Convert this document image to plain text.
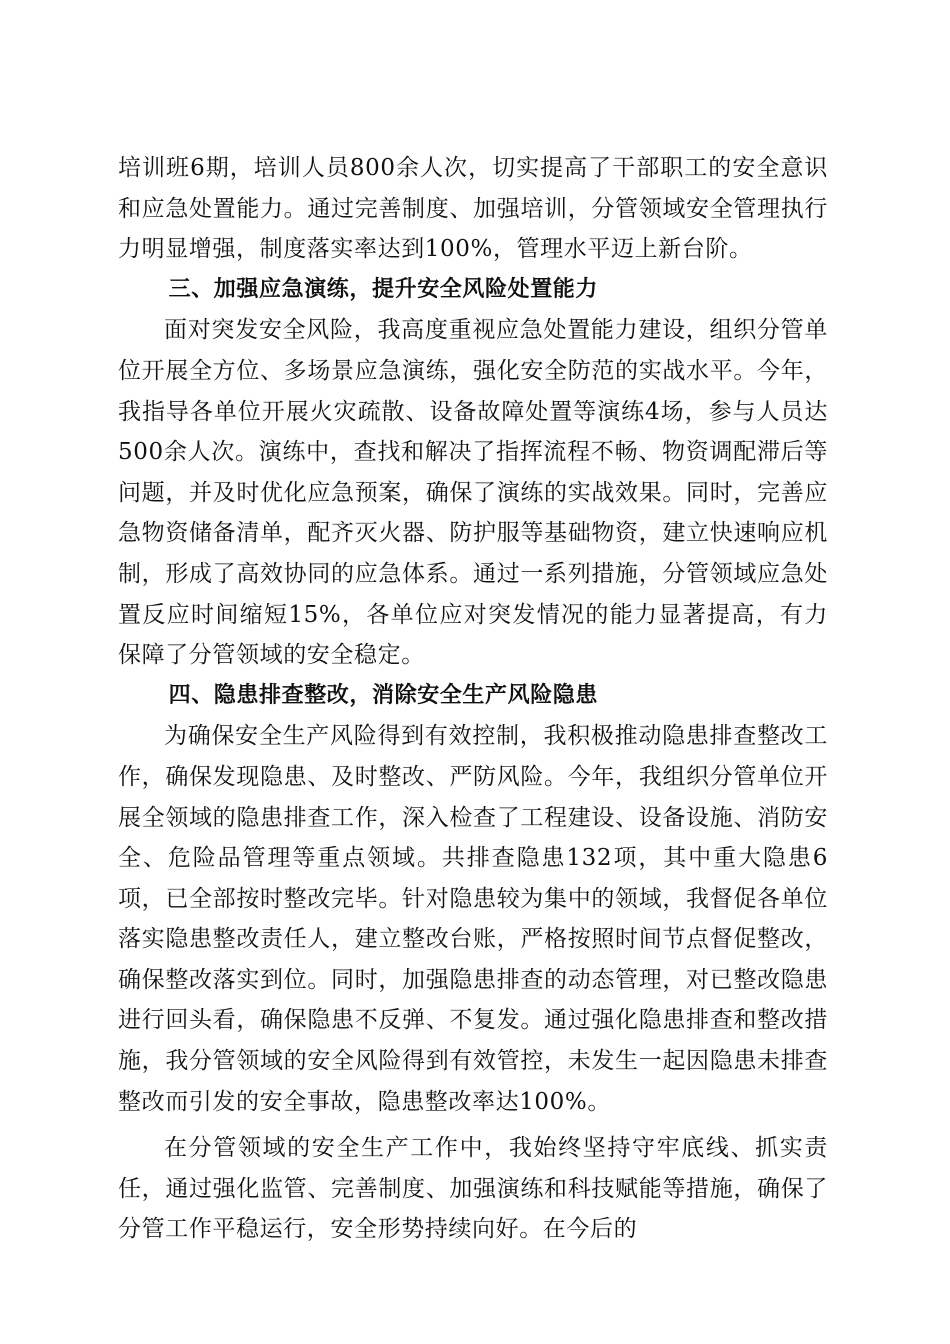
培训班6期，培训人员800余人次，切实提高了干部职工的安全意识和应急处置能力。通过完善制度、加强培训，分管领域安全管理执行力明显增强，制度落实率达到100%，管理水平迈上新台阶。

三、加强应急演练，提升安全风险处置能力

面对突发安全风险，我高度重视应急处置能力建设，组织分管单位开展全方位、多场景应急演练，强化安全防范的实战水平。今年，我指导各单位开展火灾疏散、设备故障处置等演练4场，参与人员达500余人次。演练中，查找和解决了指挥流程不畅、物资调配滞后等问题，并及时优化应急预案，确保了演练的实战效果。同时，完善应急物资储备清单，配齐灭火器、防护服等基础物资，建立快速响应机制，形成了高效协同的应急体系。通过一系列措施，分管领域应急处置反应时间缩短15%，各单位应对突发情况的能力显著提高，有力保障了分管领域的安全稳定。

四、隐患排查整改，消除安全生产风险隐患

为确保安全生产风险得到有效控制，我积极推动隐患排查整改工作，确保发现隐患、及时整改、严防风险。今年，我组织分管单位开展全领域的隐患排查工作，深入检查了工程建设、设备设施、消防安全、危险品管理等重点领域。共排查隐患132项，其中重大隐患6项，已全部按时整改完毕。针对隐患较为集中的领域，我督促各单位落实隐患整改责任人，建立整改台账，严格按照时间节点督促整改，确保整改落实到位。同时，加强隐患排查的动态管理，对已整改隐患进行回头看，确保隐患不反弹、不复发。通过强化隐患排查和整改措施，我分管领域的安全风险得到有效管控，未发生一起因隐患未排查整改而引发的安全事故，隐患整改率达100%。

在分管领域的安全生产工作中，我始终坚持守牢底线、抓实责任，通过强化监管、完善制度、加强演练和科技赋能等措施，确保了分管工作平稳运行，安全形势持续向好。在今后的
